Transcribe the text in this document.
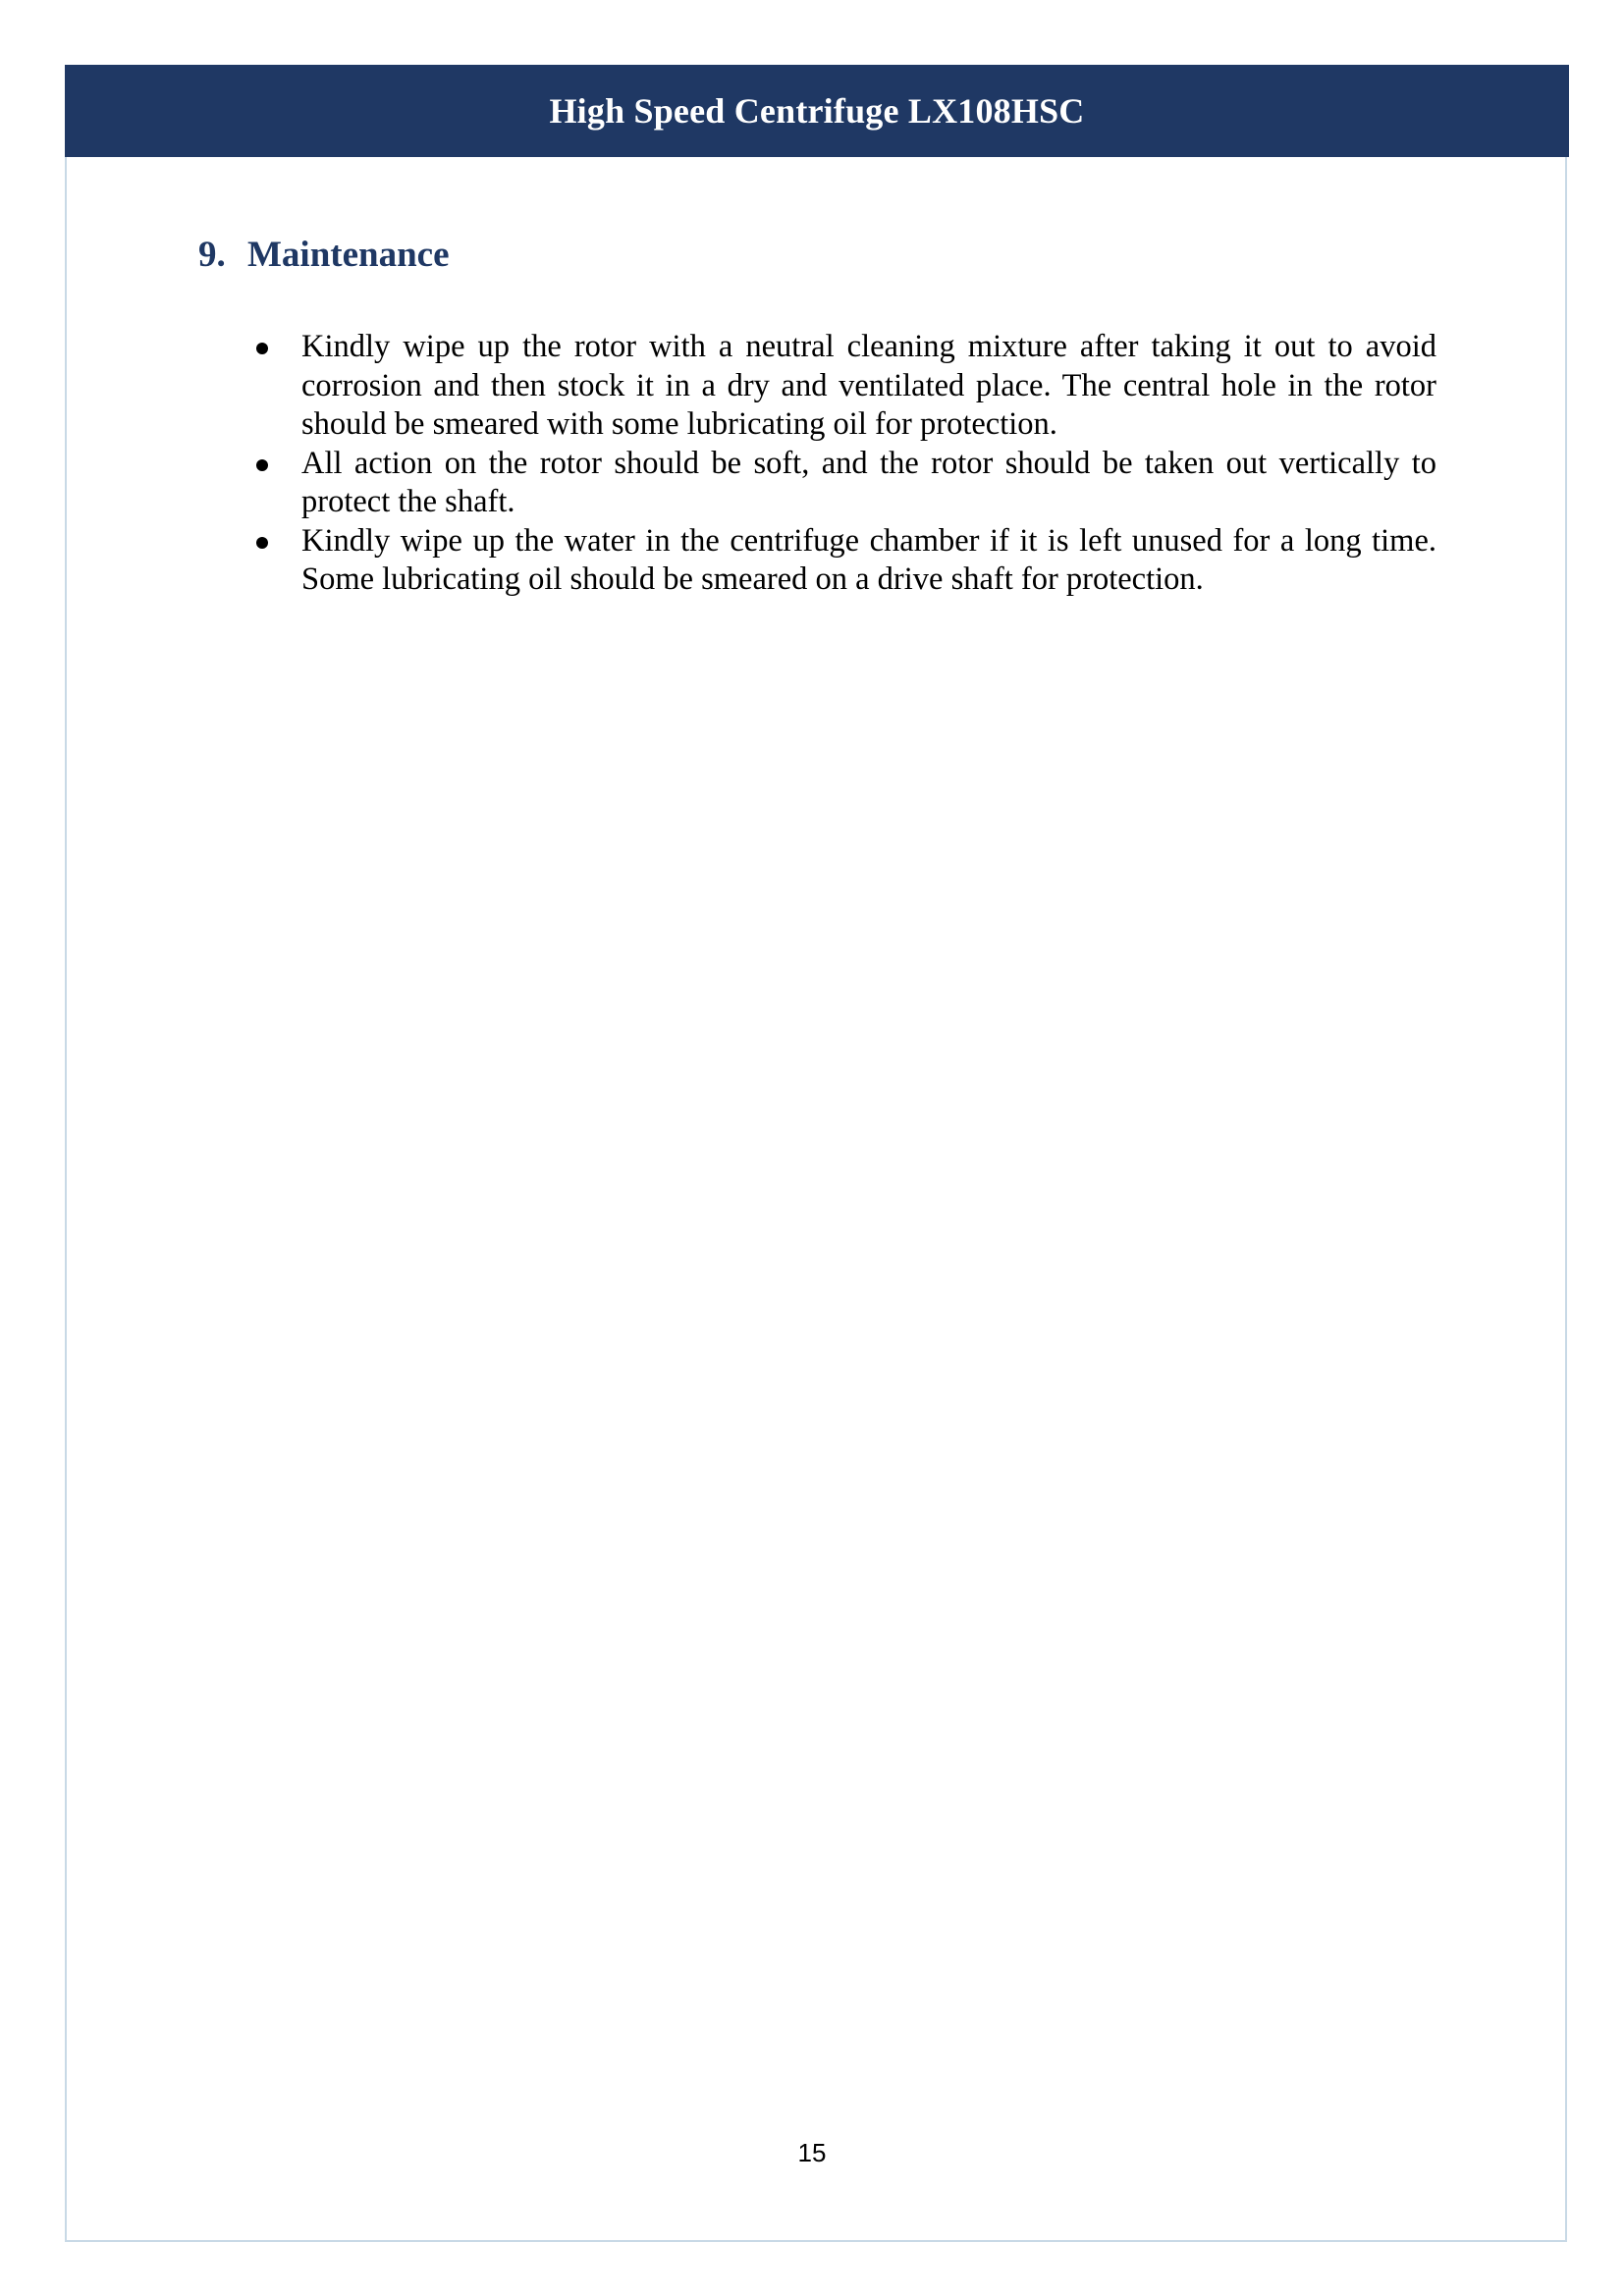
High Speed Centrifuge LX108HSC
9. Maintenance
Kindly wipe up the rotor with a neutral cleaning mixture after taking it out to avoid corrosion and then stock it in a dry and ventilated place. The central hole in the rotor should be smeared with some lubricating oil for protection.
All action on the rotor should be soft, and the rotor should be taken out vertically to protect the shaft.
Kindly wipe up the water in the centrifuge chamber if it is left unused for a long time. Some lubricating oil should be smeared on a drive shaft for protection.
15
